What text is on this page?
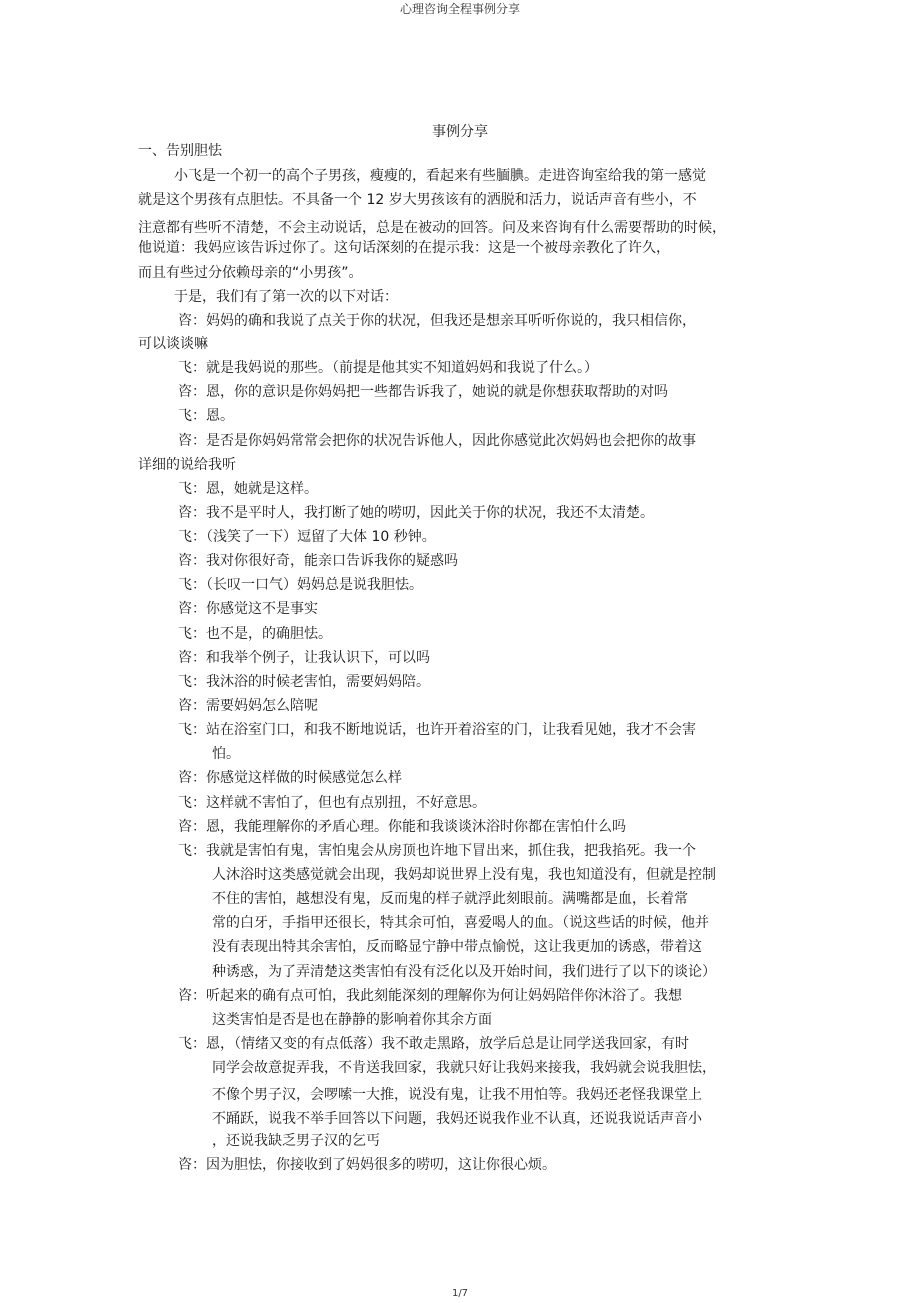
心理咨询全程事例分享
事例分享
一、告别胆怯
小飞是一个初一的高个子男孩，瘦瘦的，看起来有些腼腆。走进咨询室给我的第一感觉
就是这个男孩有点胆怯。不具备一个 12 岁大男孩该有的洒脱和活力，说话声音有些小，不
注意都有些听不清楚，不会主动说话，总是在被动的回答。问及来咨询有什么需要帮助的时候，
他说道：我妈应该告诉过你了。这句话深刻的在提示我：这是一个被母亲教化了许久，
而且有些过分依赖母亲的“小男孩”。
于是，我们有了第一次的以下对话：
咨：妈妈的确和我说了点关于你的状况，但我还是想亲耳听听你说的，我只相信你，
可以谈谈嘛
飞：就是我妈说的那些。（前提是他其实不知道妈妈和我说了什么。）
咨：恩，你的意识是你妈妈把一些都告诉我了，她说的就是你想获取帮助的对吗
飞：恩。
咨：是否是你妈妈常常会把你的状况告诉他人，因此你感觉此次妈妈也会把你的故事
详细的说给我听
飞：恩，她就是这样。
咨：我不是平时人，我打断了她的唠叨，因此关于你的状况，我还不太清楚。
飞：（浅笑了一下）逗留了大体 10 秒钟。
咨：我对你很好奇，能亲口告诉我你的疑惑吗
飞：（长叹一口气）妈妈总是说我胆怯。
咨：你感觉这不是事实
飞：也不是，的确胆怯。
咨：和我举个例子，让我认识下，可以吗
飞：我沐浴的时候老害怕，需要妈妈陪。
咨：需要妈妈怎么陪呢
飞：站在浴室门口，和我不断地说话，也许开着浴室的门，让我看见她，我才不会害
怕。
咨：你感觉这样做的时候感觉怎么样
飞：这样就不害怕了，但也有点别扭，不好意思。
咨：恩，我能理解你的矛盾心理。你能和我谈谈沐浴时你都在害怕什么吗
飞：我就是害怕有鬼，害怕鬼会从房顶也许地下冒出来，抓住我，把我掐死。我一个
人沐浴时这类感觉就会出现，我妈却说世界上没有鬼，我也知道没有，但就是控制
不住的害怕，越想没有鬼，反而鬼的样子就浮此刻眼前。满嘴都是血，长着常
常的白牙，手指甲还很长，特其余可怕，喜爱喝人的血。（说这些话的时候，他并
没有表现出特其余害怕，反而略显宁静中带点愉悦，这让我更加的诱惑，带着这
种诱惑，为了弄清楚这类害怕有没有泛化以及开始时间，我们进行了以下的谈论）
咨：听起来的确有点可怕，我此刻能深刻的理解你为何让妈妈陪伴你沐浴了。我想
这类害怕是否是也在静静的影响着你其余方面
飞：恩，（情绪又变的有点低落）我不敢走黑路，放学后总是让同学送我回家，有时
同学会故意捉弄我，不肯送我回家，我就只好让我妈来接我，我妈就会说我胆怯，
不像个男子汉，会啰嗦一大推，说没有鬼，让我不用怕等。我妈还老怪我课堂上
不踊跃，说我不举手回答以下问题，我妈还说我作业不认真，还说我说话声音小
，还说我缺乏男子汉的乞丐
咨：因为胆怯，你接收到了妈妈很多的唠叨，这让你很心烦。
1/7
